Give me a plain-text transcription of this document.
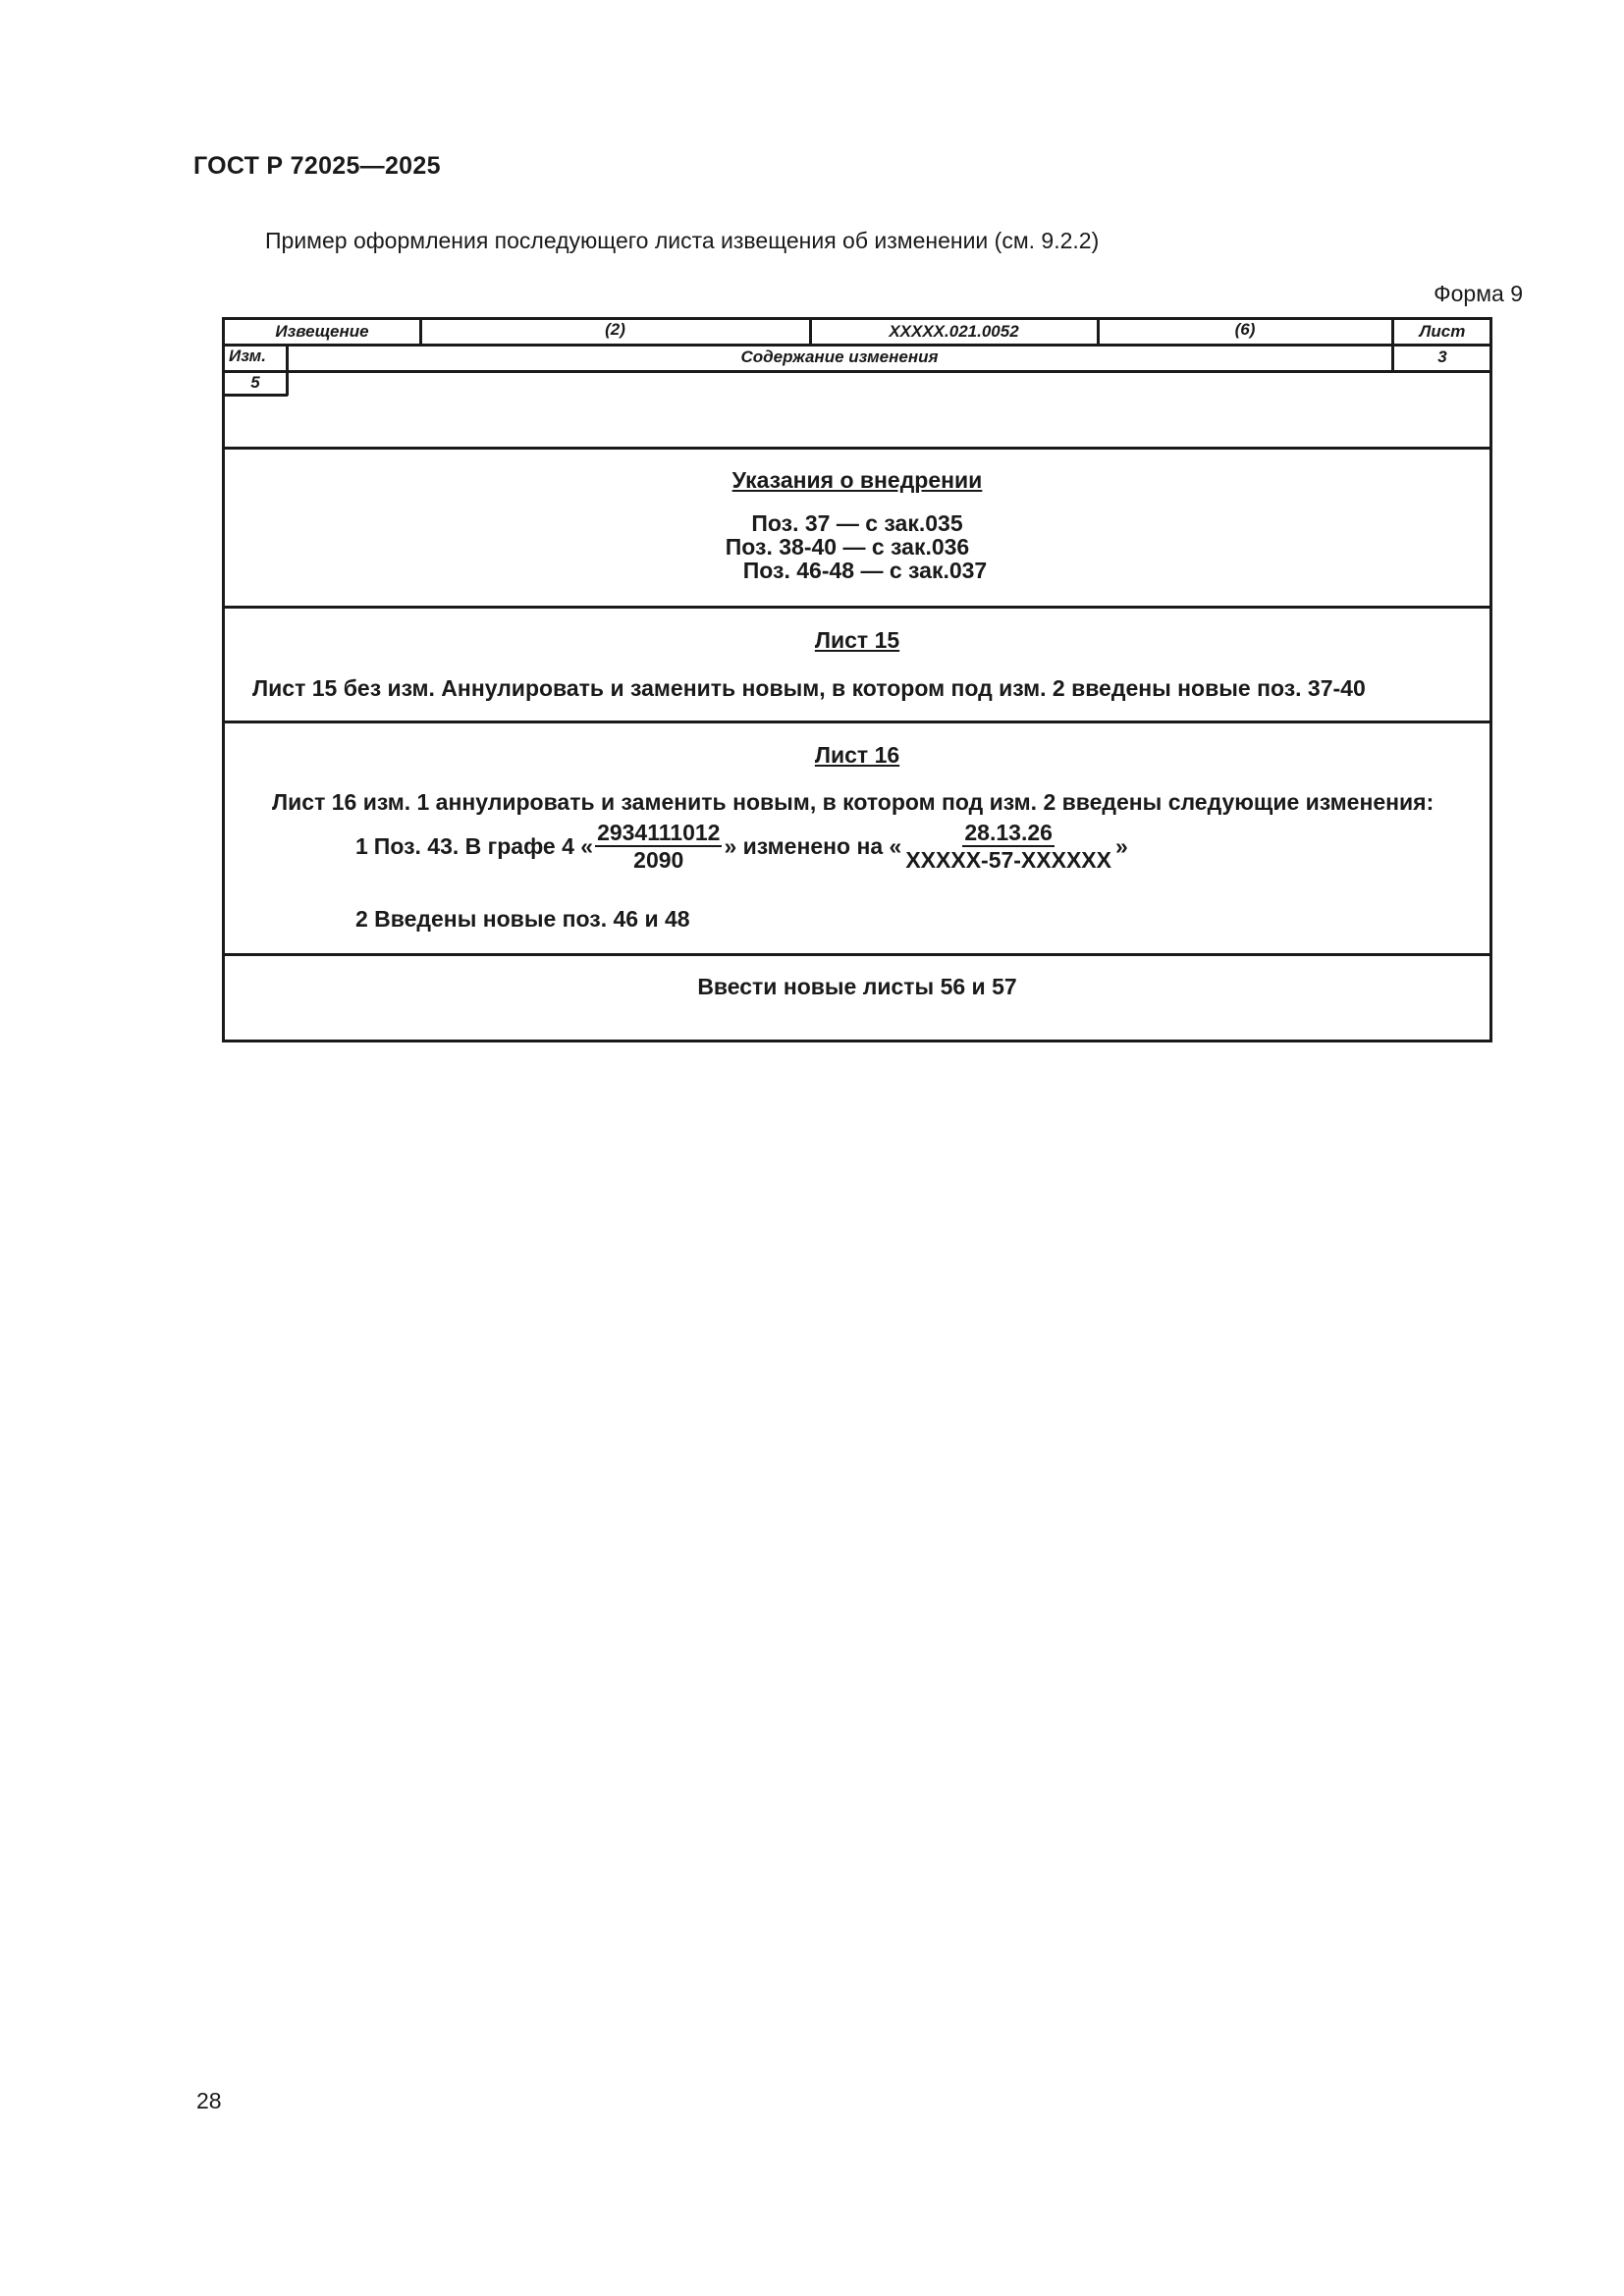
ГОСТ Р 72025—2025
Пример оформления последующего листа извещения об изменении (см. 9.2.2)
Форма 9
Извещение	(2)	XXXXX.021.0052	(6)	Лист
Изм.	Содержание изменения	3
5
Указания о внедрении
Поз. 37 — с зак.035
Поз. 38-40 — с зак.036
Поз. 46-48 — с зак.037
Лист 15
Лист 15 без изм. Аннулировать и заменить новым, в котором под изм. 2 введены новые поз. 37-40
Лист 16
Лист 16 изм. 1 аннулировать и заменить новым, в котором под изм. 2 введены следующие изменения:
1 Поз. 43. В графе 4 « $\frac{2934111012}{2090}$ » изменено на « $\frac{28.13.26}{\text{XXXXX-57-XXXXXX}}$ »
2 Введены новые поз. 46 и 48
Ввести новые листы 56 и 57
28
